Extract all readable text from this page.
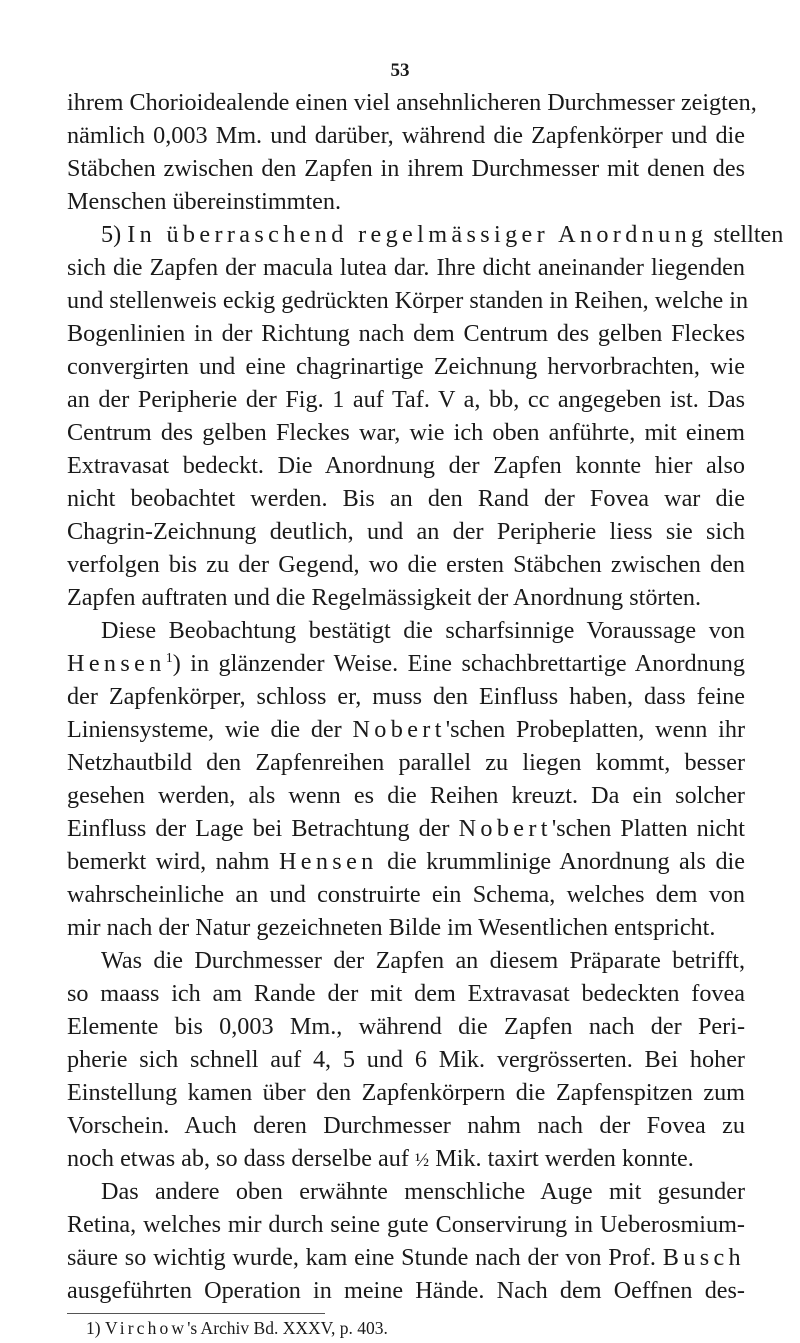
53
ihrem Chorioidealende einen viel ansehnlicheren Durchmesser zeigten,
nämlich 0,003 Mm. und darüber, während die Zapfenkörper und die
Stäbchen zwischen den Zapfen in ihrem Durchmesser mit denen des
Menschen übereinstimmten.
5) In überraschend regelmässiger Anordnung stellten
sich die Zapfen der macula lutea dar. Ihre dicht aneinander liegenden
und stellenweis eckig gedrückten Körper standen in Reihen, welche in
Bogenlinien in der Richtung nach dem Centrum des gelben Fleckes
convergirten und eine chagrinartige Zeichnung hervorbrachten, wie
an der Peripherie der Fig. 1 auf Taf. V a, bb, cc angegeben ist. Das
Centrum des gelben Fleckes war, wie ich oben anführte, mit einem
Extravasat bedeckt. Die Anordnung der Zapfen konnte hier also
nicht beobachtet werden. Bis an den Rand der Fovea war die
Chagrin-Zeichnung deutlich, und an der Peripherie liess sie sich
verfolgen bis zu der Gegend, wo die ersten Stäbchen zwischen den
Zapfen auftraten und die Regelmässigkeit der Anordnung störten.
Diese Beobachtung bestätigt die scharfsinnige Voraussage von
Hensen$^1$) in glänzender Weise. Eine schachbrettartige Anordnung
der Zapfenkörper, schloss er, muss den Einfluss haben, dass feine
Liniensysteme, wie die der Nobert'schen Probeplatten, wenn ihr
Netzhautbild den Zapfenreihen parallel zu liegen kommt, besser
gesehen werden, als wenn es die Reihen kreuzt. Da ein solcher
Einfluss der Lage bei Betrachtung der Nobert'schen Platten nicht
bemerkt wird, nahm Hensen die krummlinige Anordnung als die
wahrscheinliche an und construirte ein Schema, welches dem von
mir nach der Natur gezeichneten Bilde im Wesentlichen entspricht.
Was die Durchmesser der Zapfen an diesem Präparate betrifft,
so maass ich am Rande der mit dem Extravasat bedeckten fovea
Elemente bis 0,003 Mm., während die Zapfen nach der Peri-
pherie sich schnell auf 4, 5 und 6 Mik. vergrösserten. Bei hoher
Einstellung kamen über den Zapfenkörpern die Zapfenspitzen zum
Vorschein. Auch deren Durchmesser nahm nach der Fovea zu
noch etwas ab, so dass derselbe auf ½ Mik. taxirt werden konnte.
Das andere oben erwähnte menschliche Auge mit gesunder
Retina, welches mir durch seine gute Conservirung in Ueberosmium-
säure so wichtig wurde, kam eine Stunde nach der von Prof. Busch
ausgeführten Operation in meine Hände. Nach dem Oeffnen des-
1) Virchow's Archiv Bd. XXXV, p. 403.
